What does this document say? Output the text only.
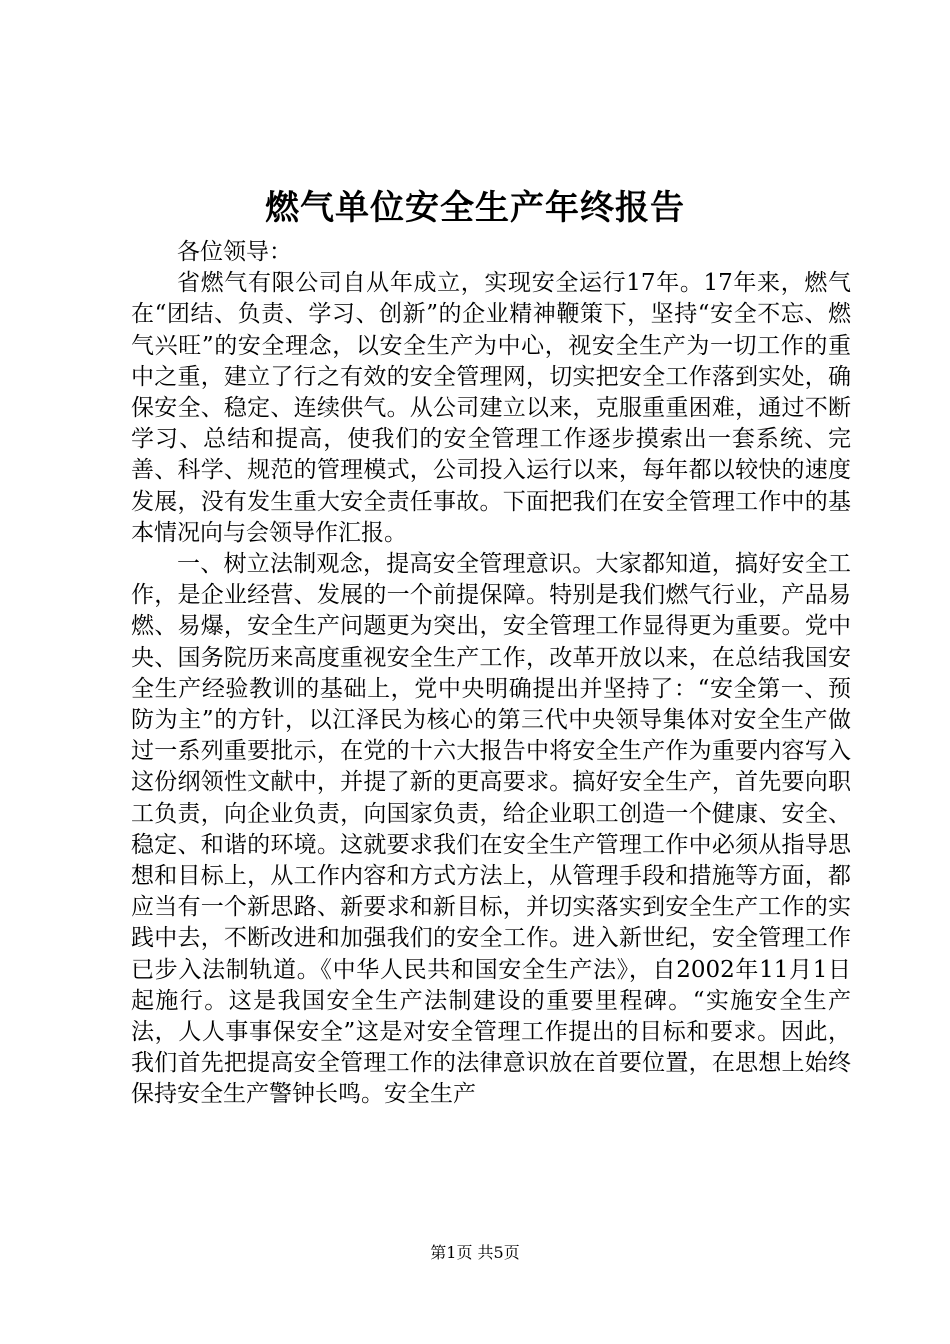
燃气单位安全生产年终报告

各位领导：

省燃气有限公司自从年成立，实现安全运行17年。17年来，燃气在“团结、负责、学习、创新”的企业精神鞭策下，坚持“安全不忘、燃气兴旺”的安全理念，以安全生产为中心，视安全生产为一切工作的重中之重，建立了行之有效的安全管理网，切实把安全工作落到实处，确保安全、稳定、连续供气。从公司建立以来，克服重重困难，通过不断学习、总结和提高，使我们的安全管理工作逐步摸索出一套系统、完善、科学、规范的管理模式，公司投入运行以来，每年都以较快的速度发展，没有发生重大安全责任事故。下面把我们在安全管理工作中的基本情况向与会领导作汇报。

一、树立法制观念，提高安全管理意识。大家都知道，搞好安全工作，是企业经营、发展的一个前提保障。特别是我们燃气行业，产品易燃、易爆，安全生产问题更为突出，安全管理工作显得更为重要。党中央、国务院历来高度重视安全生产工作，改革开放以来，在总结我国安全生产经验教训的基础上，党中央明确提出并坚持了：“安全第一、预防为主”的方针，以江泽民为核心的第三代中央领导集体对安全生产做过一系列重要批示，在党的十六大报告中将安全生产作为重要内容写入这份纲领性文献中，并提了新的更高要求。搞好安全生产，首先要向职工负责，向企业负责，向国家负责，给企业职工创造一个健康、安全、稳定、和谐的环境。这就要求我们在安全生产管理工作中必须从指导思想和目标上，从工作内容和方式方法上，从管理手段和措施等方面，都应当有一个新思路、新要求和新目标，并切实落实到安全生产工作的实践中去，不断改进和加强我们的安全工作。进入新世纪，安全管理工作已步入法制轨道。《中华人民共和国安全生产法》，自2002年11月1日起施行。这是我国安全生产法制建设的重要里程碑。“实施安全生产法，人人事事保安全”这是对安全管理工作提出的目标和要求。因此，我们首先把提高安全管理工作的法律意识放在首要位置，在思想上始终保持安全生产警钟长鸣。安全生产

第1页 共5页
